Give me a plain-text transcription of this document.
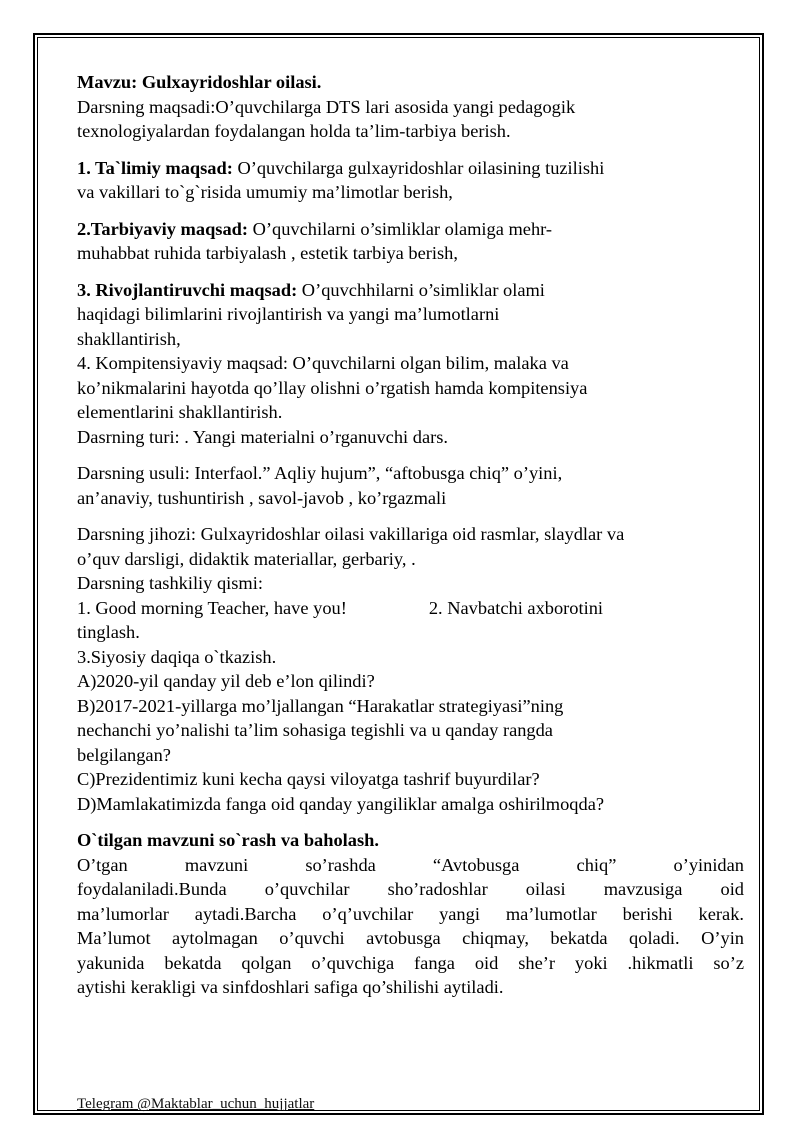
Mavzu: Gulxayridoshlar oilasi.

Darsning maqsadi:O’quvchilarga DTS lari asosida yangi pedagogik

texnologiyalardan foydalangan holda ta’lim-tarbiya berish.

1. Ta`limiy maqsad: O’quvchilarga gulxayridoshlar oilasining tuzilishi

va vakillari to`g`risida umumiy ma’limotlar berish,

2.Tarbiyaviy maqsad: O’quvchilarni o’simliklar olamiga mehr-

muhabbat ruhida tarbiyalash , estetik tarbiya berish,

3. Rivojlantiruvchi maqsad: O’quvchhilarni o’simliklar olami

haqidagi bilimlarini rivojlantirish va yangi ma’lumotlarni

shakllantirish,

4. Kompitensiyaviy maqsad: O’quvchilarni olgan bilim, malaka va

ko’nikmalarini hayotda qo’llay olishni o’rgatish hamda kompitensiya

elementlarini shakllantirish.

Dasrning turi: . Yangi materialni o’rganuvchi dars.

Darsning usuli: Interfaol.” Aqliy hujum”, “aftobusga chiq” o’yini,

an’anaviy, tushuntirish , savol-javob , ko’rgazmali

Darsning jihozi: Gulxayridoshlar oilasi vakillariga oid rasmlar, slaydlar va

o’quv darsligi, didaktik materiallar, gerbariy, .

Darsning tashkiliy qismi:

1. Good morning Teacher, have you!	2. Navbatchi axborotini

tinglash.

3.Siyosiy daqiqa o`tkazish.

A)2020-yil qanday yil deb e’lon qilindi?

B)2017-2021-yillarga mo’ljallangan “Harakatlar strategiyasi”ning

nechanchi yo’nalishi ta’lim sohasiga tegishli va u qanday rangda

belgilangan?

C)Prezidentimiz kuni kecha qaysi viloyatga tashrif buyurdilar?

D)Mamlakatimizda fanga oid qanday yangiliklar amalga oshirilmoqda?

O`tilgan mavzuni so`rash va baholash.

O’tgan mavzuni so’rashda “Avtobusga chiq” o’yinidan

foydalaniladi.Bunda o’quvchilar sho’radoshlar oilasi mavzusiga oid

ma’lumorlar aytadi.Barcha o’q’uvchilar yangi ma’lumotlar berishi kerak.

Ma’lumot aytolmagan o’quvchi avtobusga chiqmay, bekatda qoladi. O’yin

yakunida bekatda qolgan o’quvchiga fanga oid she’r yoki .hikmatli so’z

aytishi kerakligi va sinfdoshlari safiga qo’shilishi aytiladi.

Telegram @Maktablar_uchun_hujjatlar
